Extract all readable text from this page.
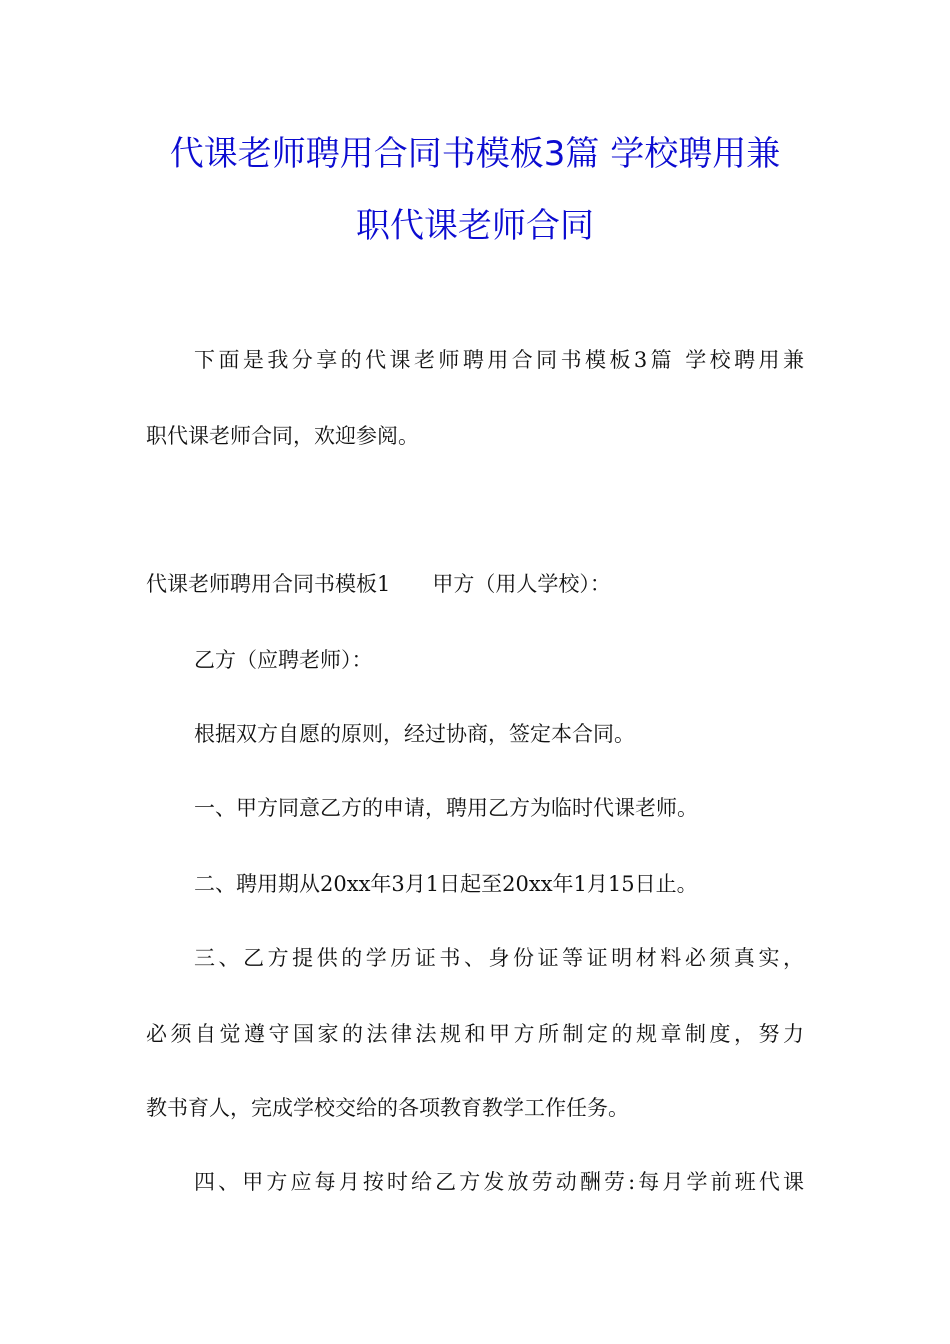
代课老师聘用合同书模板3篇 学校聘用兼
职代课老师合同
下面是我分享的代课老师聘用合同书模板3篇 学校聘用兼
职代课老师合同，欢迎参阅。
代课老师聘用合同书模板1　　甲方（用人学校）：
乙方（应聘老师）：
根据双方自愿的原则，经过协商，签定本合同。
一、甲方同意乙方的申请，聘用乙方为临时代课老师。
二、聘用期从20xx年3月1日起至20xx年1月15日止。
三、乙方提供的学历证书、身份证等证明材料必须真实，
必须自觉遵守国家的法律法规和甲方所制定的规章制度，努力
教书育人，完成学校交给的各项教育教学工作任务。
四、甲方应每月按时给乙方发放劳动酬劳:每月学前班代课
